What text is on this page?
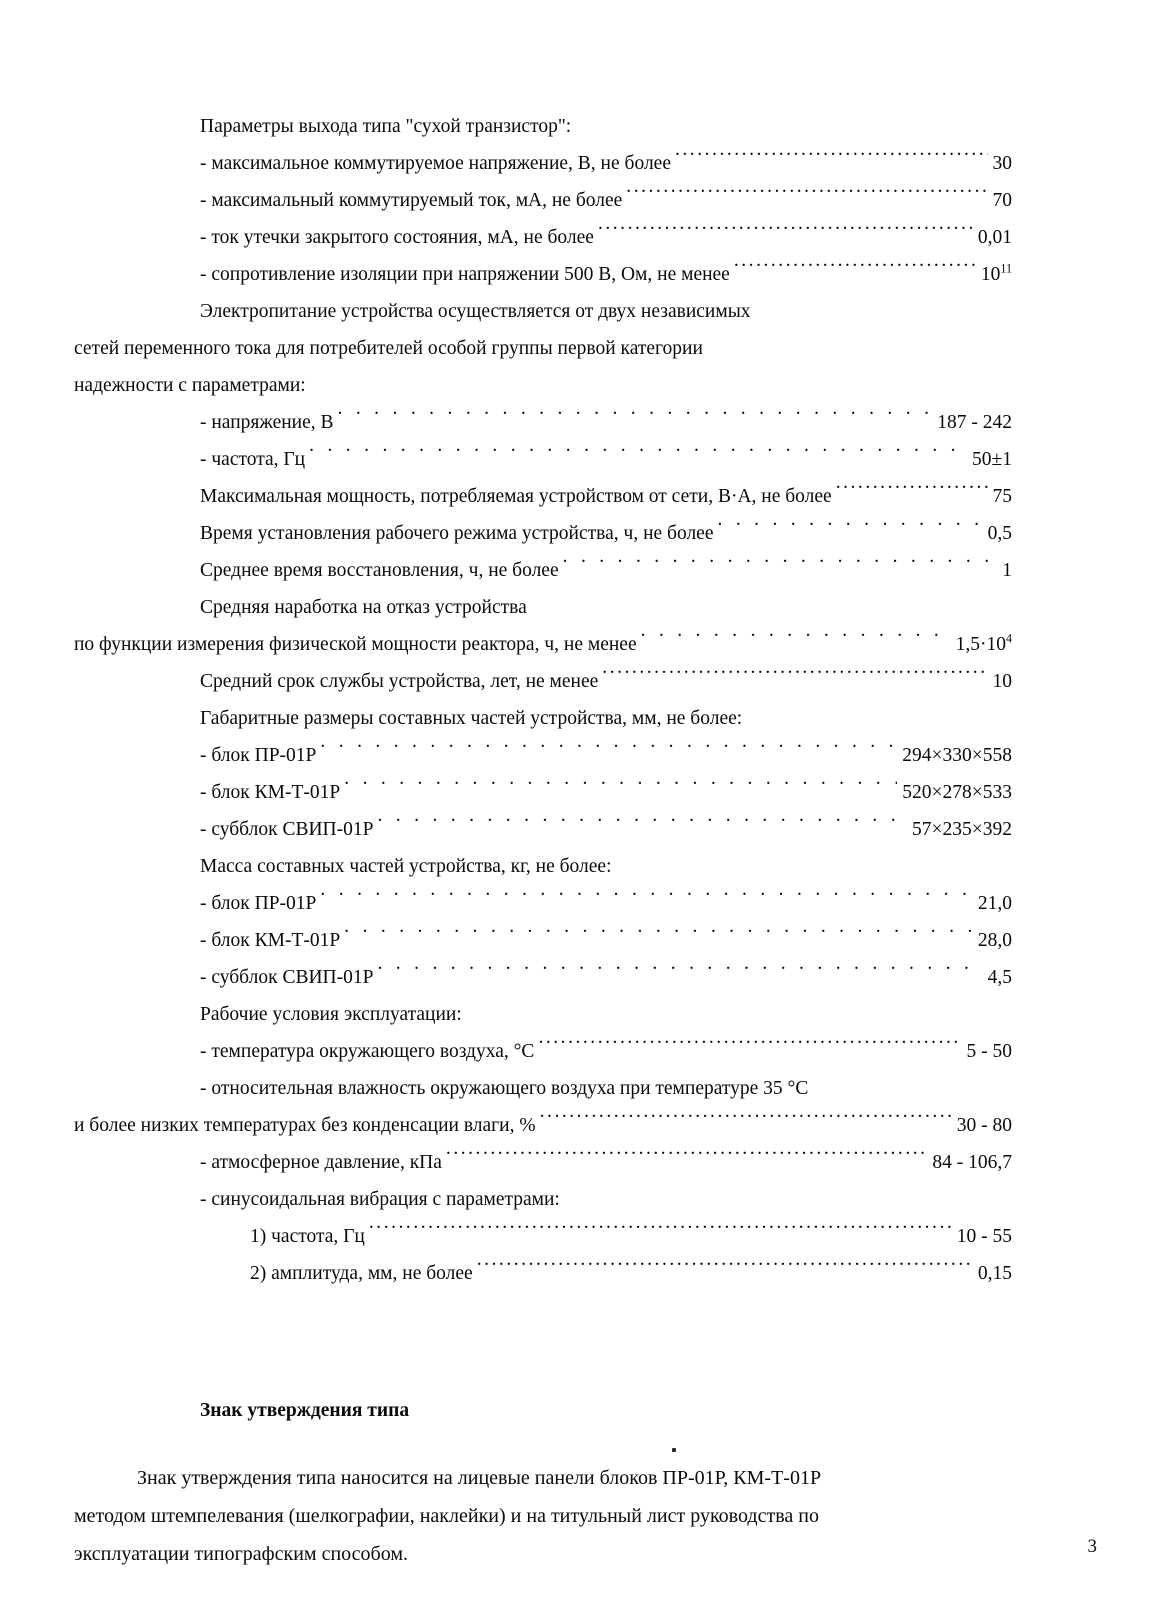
Параметры выхода типа "сухой транзистор":
- максимальное коммутируемое напряжение, В, не более . . .	30
- максимальный коммутируемый ток, мА, не более . . .	70
- ток утечки закрытого состояния, мА, не более . . .	0,01
- сопротивление изоляции при напряжении 500 В, Ом, не менее . . .	$10^{11}$
Электропитание устройства осуществляется от двух независимых
сетей переменного тока для потребителей особой группы первой категории
надежности с параметрами:
- напряжение, В . . .	187 - 242
- частота, Гц . . .	50±1
Максимальная мощность, потребляемая устройством от сети, В·А, не более . . .	75
Время установления рабочего режима устройства, ч, не более . . .	0,5
Среднее время восстановления, ч, не более . . .	1
Средняя наработка на отказ устройства
по функции измерения физической мощности реактора, ч, не менее . . .	$1,5\cdot 10^4$
Средний срок службы устройства, лет, не менее . . .	10
Габаритные размеры составных частей устройства, мм, не более:
- блок ПР-01Р . . .	294×330×558
- блок КМ-Т-01Р . . .	520×278×533
- субблок СВИП-01Р . . .	57×235×392
Масса составных частей устройства, кг, не более:
- блок ПР-01Р . . .	21,0
- блок КМ-Т-01Р . . .	28,0
- субблок СВИП-01Р . . .	4,5
Рабочие условия эксплуатации:
- температура окружающего воздуха, °С . . .	5 - 50
- относительная влажность окружающего воздуха при температуре 35 °С
и более низких температурах без конденсации влаги, % . . .	30 - 80
- атмосферное давление, кПа . . .	84 - 106,7
- синусоидальная вибрация с параметрами:
1) частота, Гц . . .	10 - 55
2) амплитуда, мм, не более . . .	0,15
Знак утверждения типа
Знак утверждения типа наносится на лицевые панели блоков ПР-01Р, КМ-Т-01Р
методом штемпелевания (шелкографии, наклейки) и на титульный лист руководства по
эксплуатации типографским способом.	3
